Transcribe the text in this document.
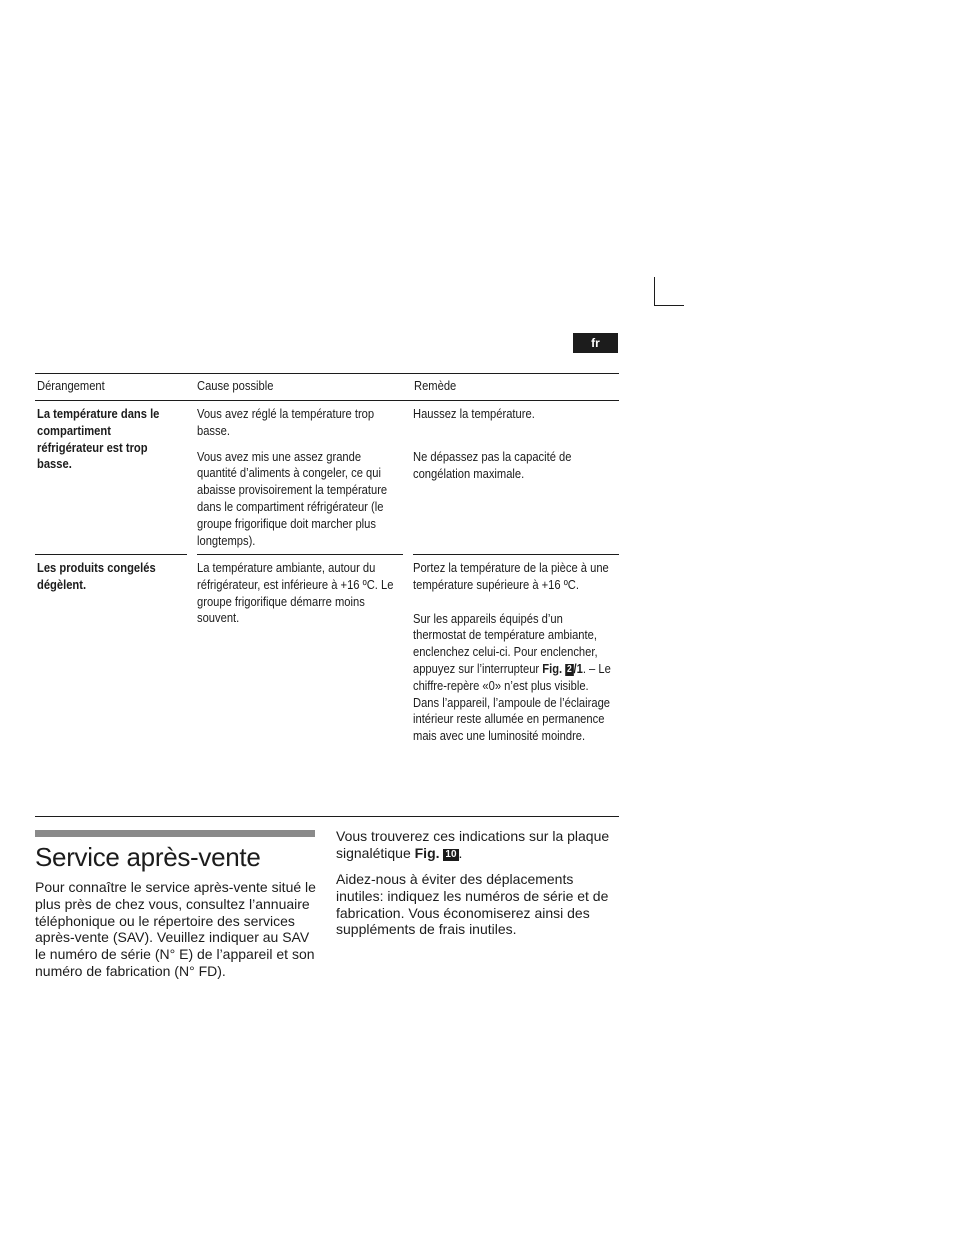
fr
Dérangement	Cause possible	Remède
La température dans le compartiment réfrigérateur est trop basse.

Vous avez réglé la température trop basse.

Vous avez mis une assez grande quantité d’aliments à congeler, ce qui abaisse provisoirement la température dans le compartiment réfrigérateur (le groupe frigorifique doit marcher plus longtemps).

Haussez la température.

Ne dépassez pas la capacité de congélation maximale.

Les produits congelés dégèlent.

La température ambiante, autour du réfrigérateur, est inférieure à +16 ºC. Le groupe frigorifique démarre moins souvent.

Portez la température de la pièce à une température supérieure à +16 ºC.

Sur les appareils équipés d’un thermostat de température ambiante, enclenchez celui-ci. Pour enclencher, appuyez sur l’interrupteur Fig. 2 /1. – Le chiffre-repère «0» n’est plus visible.

Dans l’appareil, l’ampoule de l’éclairage intérieur reste allumée en permanence mais avec une luminosité moindre.

Service après-vente

Pour connaître le service après-vente situé le plus près de chez vous, consultez l’annuaire téléphonique ou le répertoire des services après-vente (SAV). Veuillez indiquer au SAV le numéro de série (N° E) de l’appareil et son numéro de fabrication (N° FD).

Vous trouverez ces indications sur la plaque signalétique Fig. 10 .

Aidez-nous à éviter des déplacements inutiles: indiquez les numéros de série et de fabrication. Vous économiserez ainsi des suppléments de frais inutiles.
